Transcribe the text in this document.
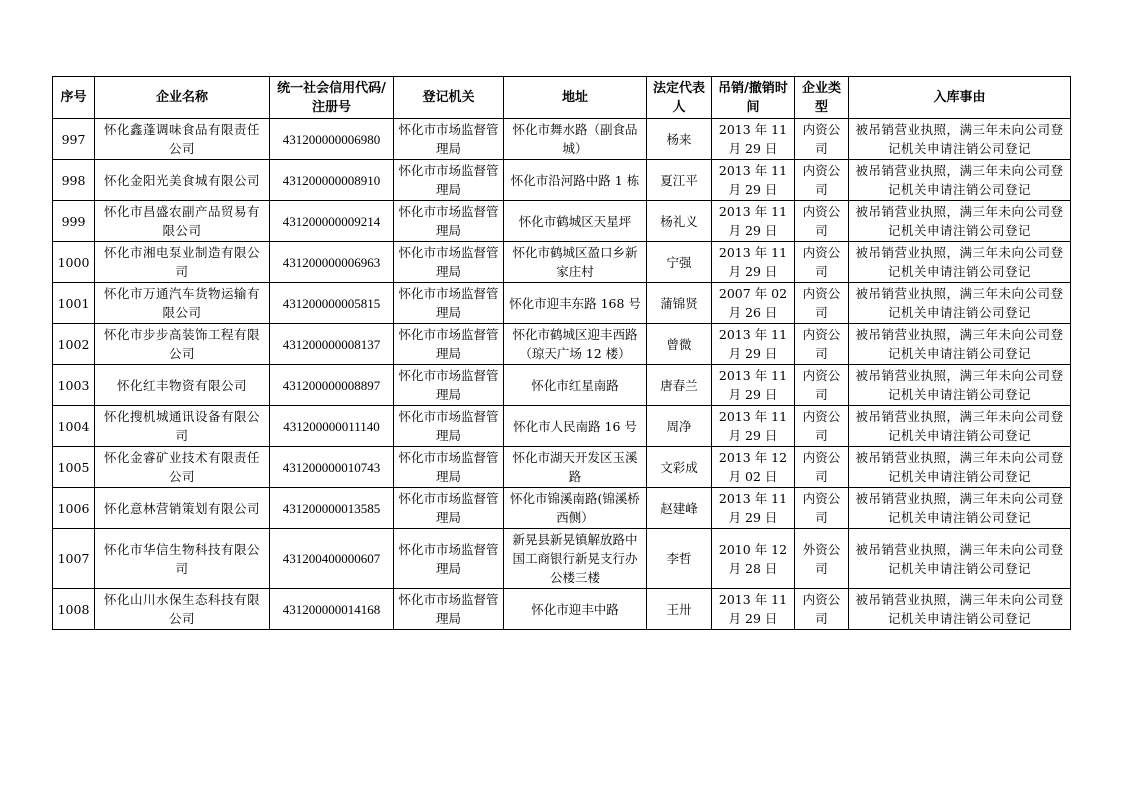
序号	企业名称	统一社会信用代码/注册号	登记机关	地址	法定代表人	吊销/撤销时间	企业类型	入库事由
997	怀化鑫蓬调味食品有限责任公司	431200000006980	怀化市市场监督管理局	怀化市舞水路（副食品城）	杨来	2013 年 11 月 29 日	内资公司	被吊销营业执照，满三年未向公司登记机关申请注销公司登记
998	怀化金阳光美食城有限公司	431200000008910	怀化市市场监督管理局	怀化市沿河路中路 1 栋	夏江平	2013 年 11 月 29 日	内资公司	被吊销营业执照，满三年未向公司登记机关申请注销公司登记
999	怀化市昌盛农副产品贸易有限公司	431200000009214	怀化市市场监督管理局	怀化市鹤城区天星坪	杨礼义	2013 年 11 月 29 日	内资公司	被吊销营业执照，满三年未向公司登记机关申请注销公司登记
1000	怀化市湘电泵业制造有限公司	431200000006963	怀化市市场监督管理局	怀化市鹤城区盈口乡新家庄村	宁强	2013 年 11 月 29 日	内资公司	被吊销营业执照，满三年未向公司登记机关申请注销公司登记
1001	怀化市万通汽车货物运输有限公司	431200000005815	怀化市市场监督管理局	怀化市迎丰东路 168 号	蒲锦贤	2007 年 02 月 26 日	内资公司	被吊销营业执照，满三年未向公司登记机关申请注销公司登记
1002	怀化市步步高装饰工程有限公司	431200000008137	怀化市市场监督管理局	怀化市鹤城区迎丰西路（琼天广场 12 楼）	曾微	2013 年 11 月 29 日	内资公司	被吊销营业执照，满三年未向公司登记机关申请注销公司登记
1003	怀化红丰物资有限公司	431200000008897	怀化市市场监督管理局	怀化市红星南路	唐春兰	2013 年 11 月 29 日	内资公司	被吊销营业执照，满三年未向公司登记机关申请注销公司登记
1004	怀化搜机城通讯设备有限公司	431200000011140	怀化市市场监督管理局	怀化市人民南路 16 号	周净	2013 年 11 月 29 日	内资公司	被吊销营业执照，满三年未向公司登记机关申请注销公司登记
1005	怀化金睿矿业技术有限责任公司	431200000010743	怀化市市场监督管理局	怀化市湖天开发区玉溪路	文彩成	2013 年 12 月 02 日	内资公司	被吊销营业执照，满三年未向公司登记机关申请注销公司登记
1006	怀化意林营销策划有限公司	431200000013585	怀化市市场监督管理局	怀化市锦溪南路(锦溪桥西侧）	赵建峰	2013 年 11 月 29 日	内资公司	被吊销营业执照，满三年未向公司登记机关申请注销公司登记
1007	怀化市华信生物科技有限公司	431200400000607	怀化市市场监督管理局	新晃县新晃镇解放路中国工商银行新晃支行办公楼三楼	李哲	2010 年 12 月 28 日	外资公司	被吊销营业执照，满三年未向公司登记机关申请注销公司登记
1008	怀化山川水保生态科技有限公司	431200000014168	怀化市市场监督管理局	怀化市迎丰中路	王卅	2013 年 11 月 29 日	内资公司	被吊销营业执照，满三年未向公司登记机关申请注销公司登记
